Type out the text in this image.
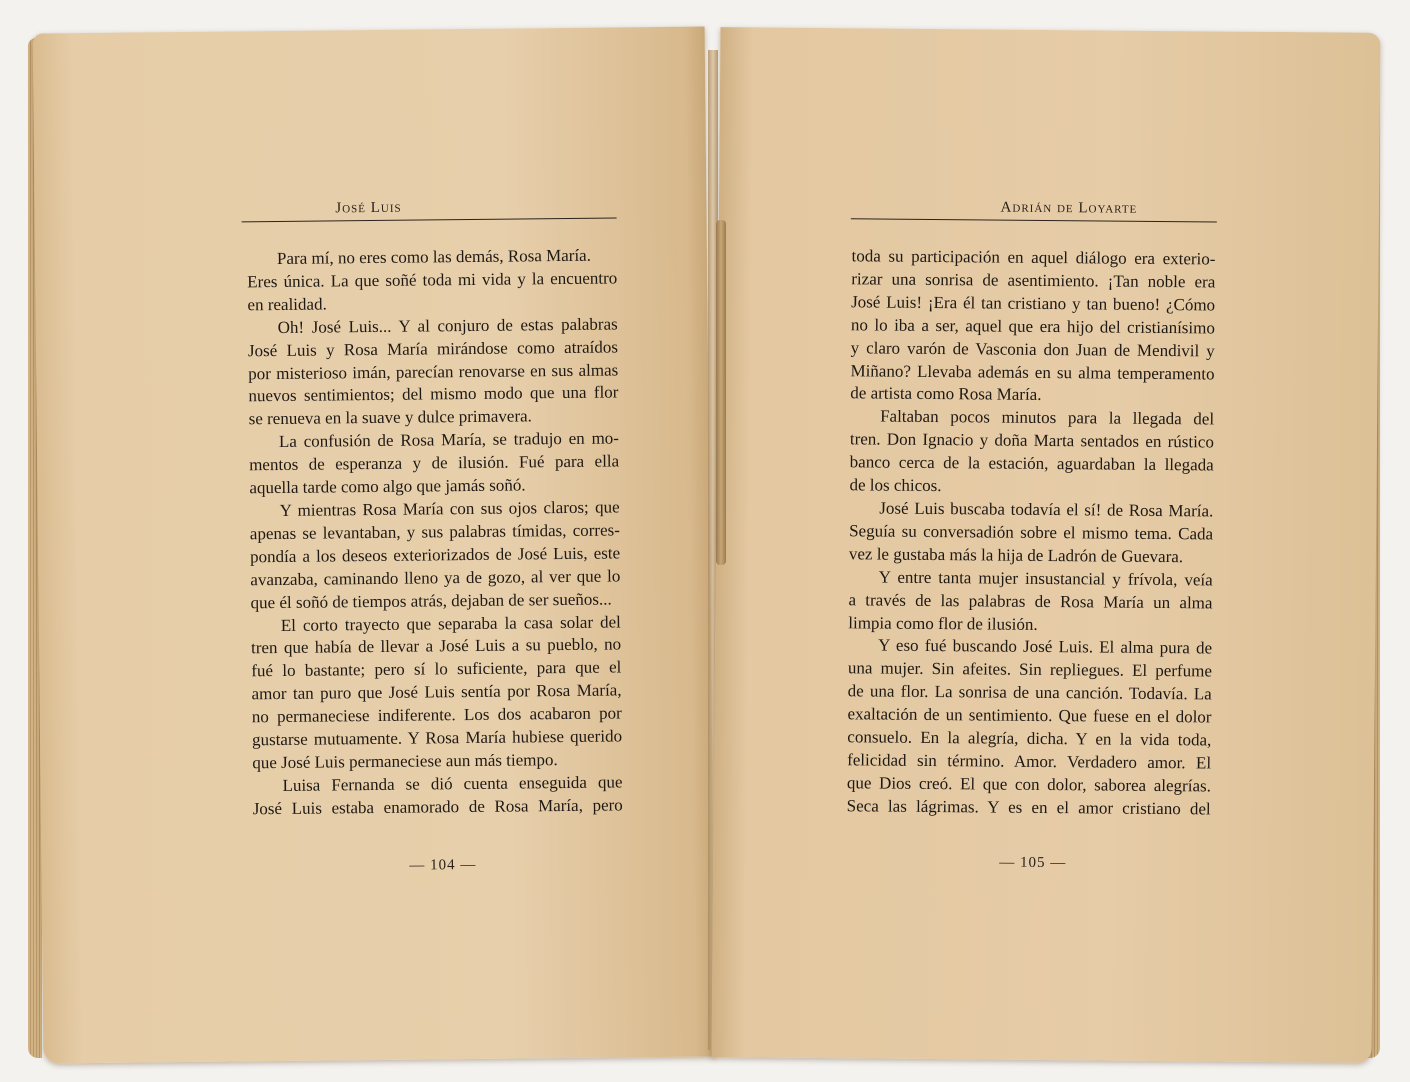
José Luis
Para mí, no eres como las demás, Rosa María.
Eres única. La que soñé toda mi vida y la encuentro
en realidad.
Oh! José Luis... Y al conjuro de estas palabras
José Luis y Rosa María mirándose como atraídos
por misterioso imán, parecían renovarse en sus almas
nuevos sentimientos; del mismo modo que una flor
se renueva en la suave y dulce primavera.
La confusión de Rosa María, se tradujo en mo-
mentos de esperanza y de ilusión. Fué para ella
aquella tarde como algo que jamás soñó.
Y mientras Rosa María con sus ojos claros; que
apenas se levantaban, y sus palabras tímidas, corres-
pondía a los deseos exteriorizados de José Luis, este
avanzaba, caminando lleno ya de gozo, al ver que lo
que él soñó de tiempos atrás, dejaban de ser sueños...
El corto trayecto que separaba la casa solar del
tren que había de llevar a José Luis a su pueblo, no
fué lo bastante; pero sí lo suficiente, para que el
amor tan puro que José Luis sentía por Rosa María,
no permaneciese indiferente. Los dos acabaron por
gustarse mutuamente. Y Rosa María hubiese querido
que José Luis permaneciese aun más tiempo.
Luisa Fernanda se dió cuenta enseguida que
José Luis estaba enamorado de Rosa María, pero
— 104 —
Adrián de Loyarte
toda su participación en aquel diálogo era exterio-
rizar una sonrisa de asentimiento. ¡Tan noble era
José Luis! ¡Era él tan cristiano y tan bueno! ¿Cómo
no lo iba a ser, aquel que era hijo del cristianísimo
y claro varón de Vasconia don Juan de Mendivil y
Miñano? Llevaba además en su alma temperamento
de artista como Rosa María.
Faltaban pocos minutos para la llegada del
tren. Don Ignacio y doña Marta sentados en rústico
banco cerca de la estación, aguardaban la llegada
de los chicos.
José Luis buscaba todavía el sí! de Rosa María.
Seguía su conversadión sobre el mismo tema. Cada
vez le gustaba más la hija de Ladrón de Guevara.
Y entre tanta mujer insustancial y frívola, veía
a través de las palabras de Rosa María un alma
limpia como flor de ilusión.
Y eso fué buscando José Luis. El alma pura de
una mujer. Sin afeites. Sin repliegues. El perfume
de una flor. La sonrisa de una canción. Todavía. La
exaltación de un sentimiento. Que fuese en el dolor
consuelo. En la alegría, dicha. Y en la vida toda,
felicidad sin término. Amor. Verdadero amor. El
que Dios creó. El que con dolor, saborea alegrías.
Seca las lágrimas. Y es en el amor cristiano del
— 105 —
